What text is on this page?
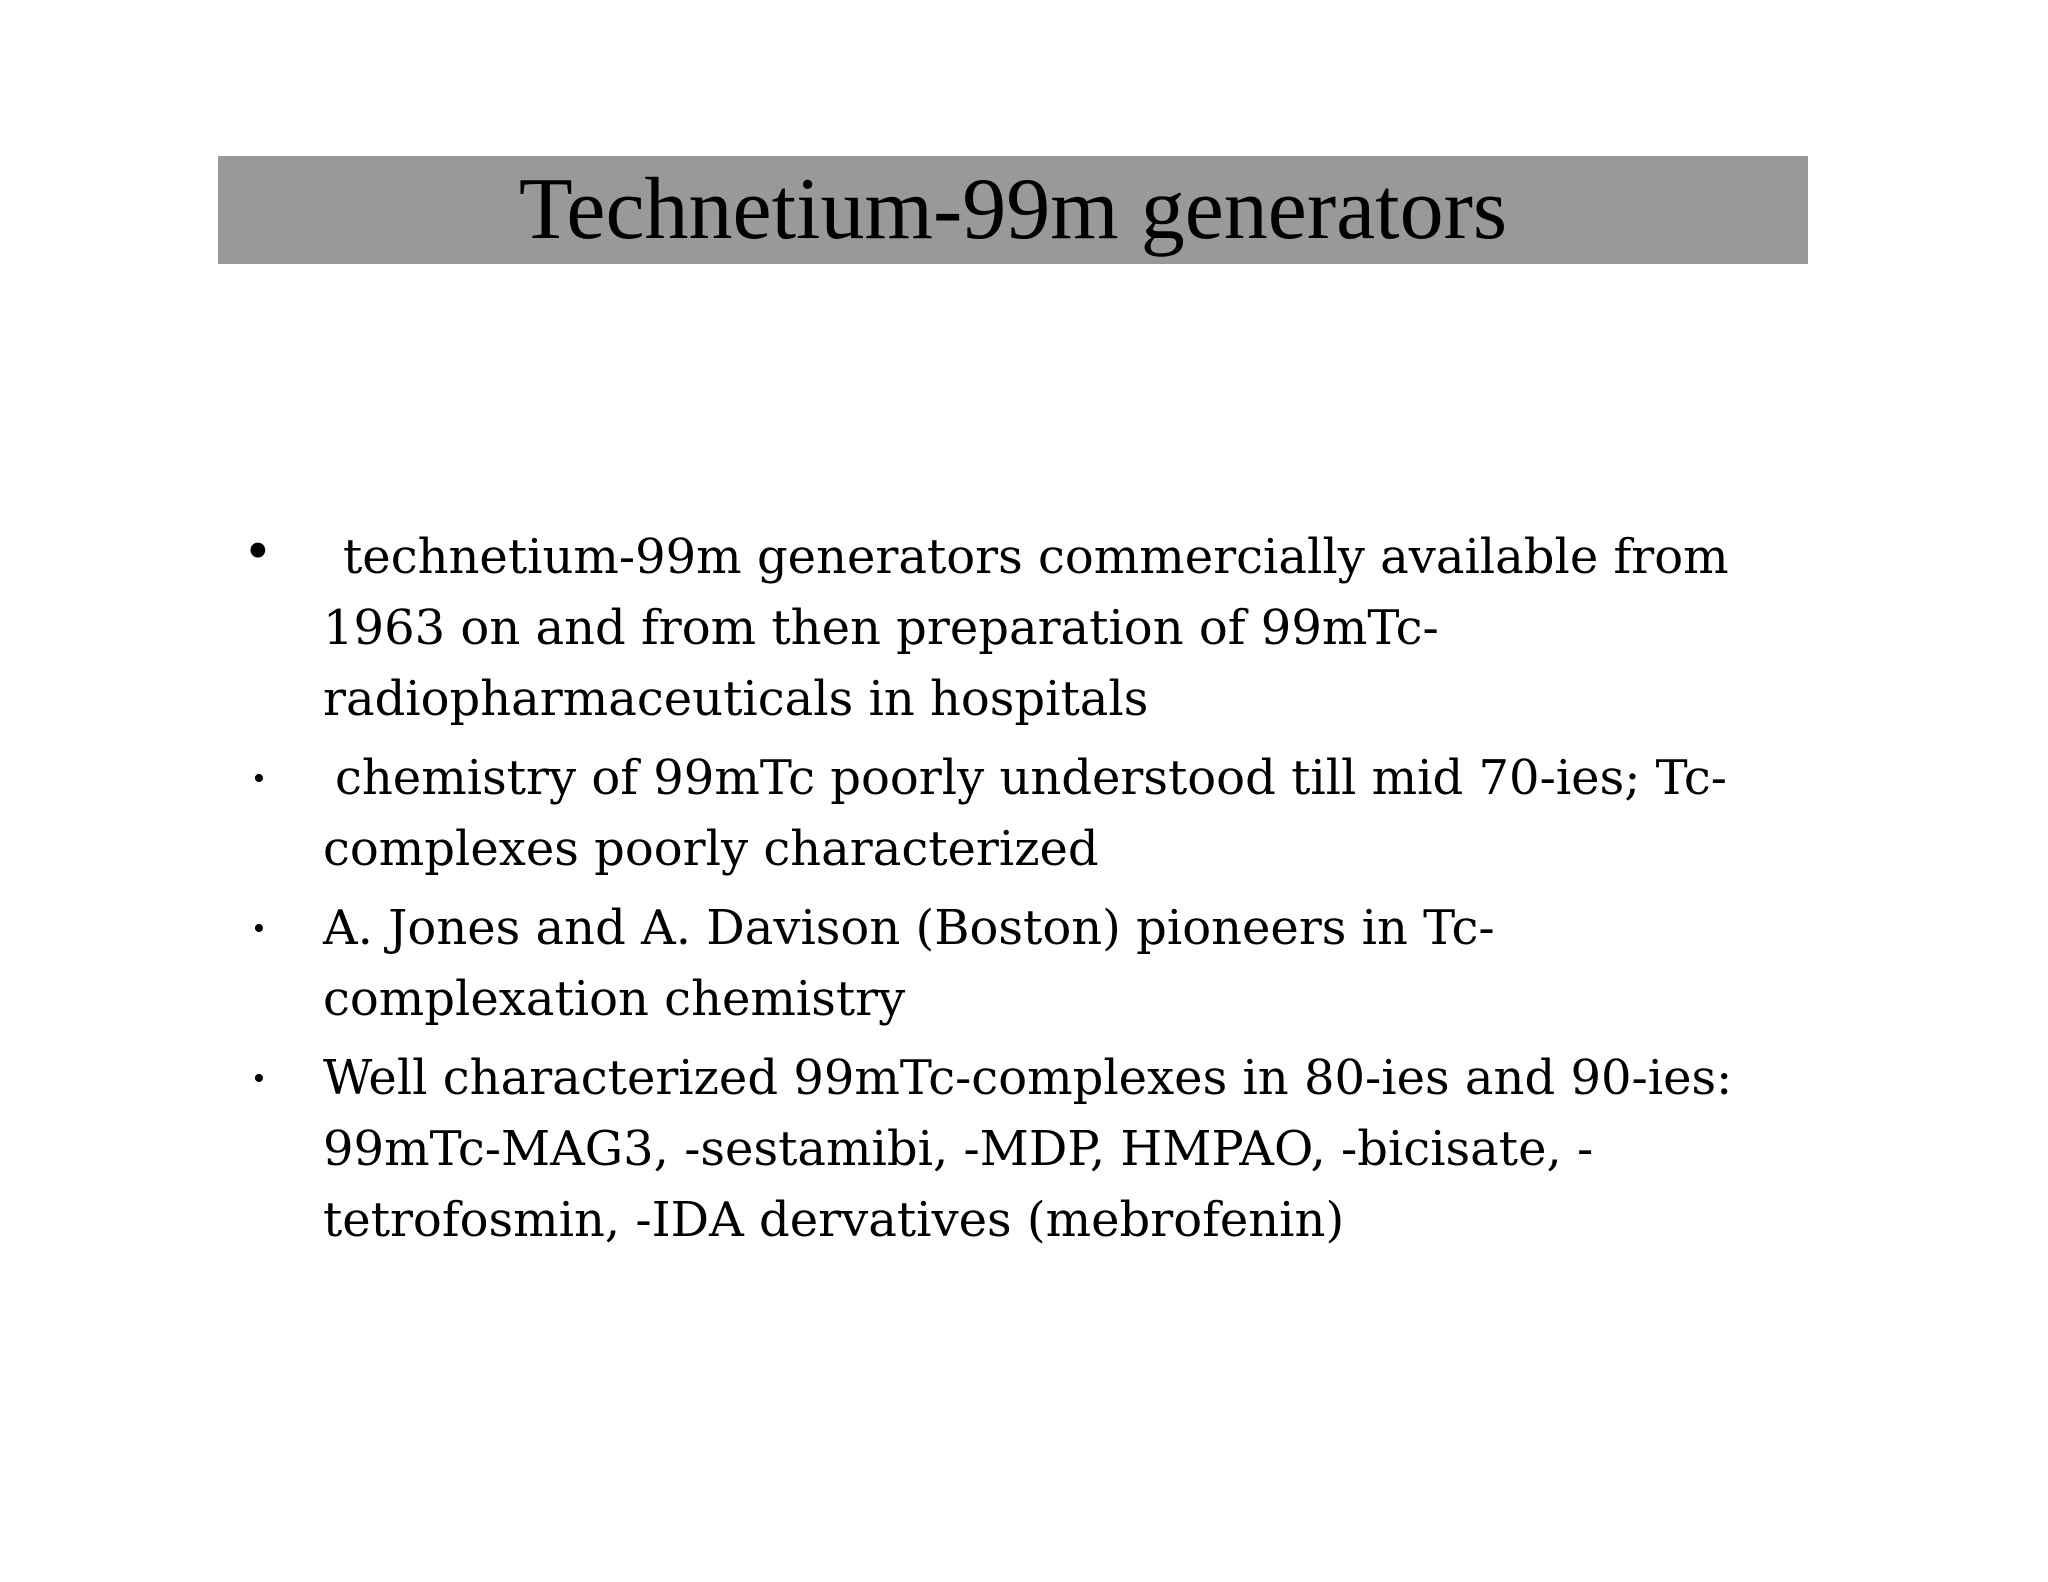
Technetium-99m generators
• technetium-99m generators commercially available from 1963 on and from then preparation of 99mTc-radiopharmaceuticals in hospitals
• chemistry of 99mTc poorly understood till mid 70-ies; Tc-complexes poorly characterized
• A. Jones and A. Davison (Boston) pioneers in Tc-complexation chemistry
• Well characterized 99mTc-complexes in 80-ies and 90-ies: 99mTc-MAG3, -sestamibi, -MDP, HMPAO, -bicisate, -tetrofosmin, -IDA dervatives (mebrofenin)
